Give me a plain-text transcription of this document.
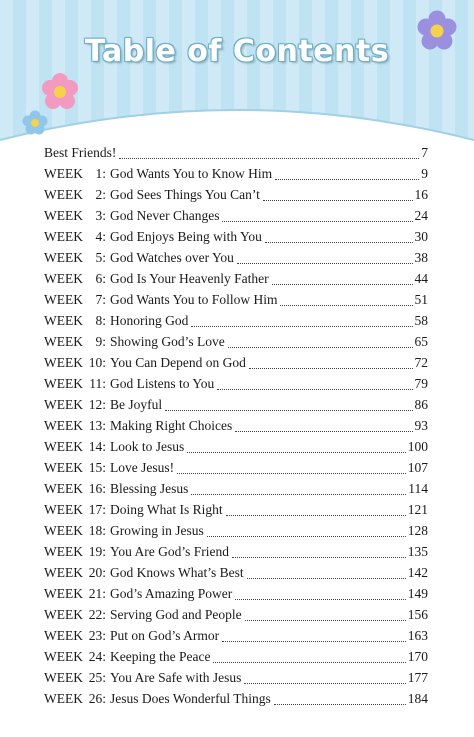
Table of Contents
Best Friends!	7
WEEK 1: God Wants You to Know Him	9
WEEK 2: God Sees Things You Can’t	16
WEEK 3: God Never Changes	24
WEEK 4: God Enjoys Being with You	30
WEEK 5: God Watches over You	38
WEEK 6: God Is Your Heavenly Father	44
WEEK 7: God Wants You to Follow Him	51
WEEK 8: Honoring God	58
WEEK 9: Showing God’s Love	65
WEEK 10: You Can Depend on God	72
WEEK 11: God Listens to You	79
WEEK 12: Be Joyful	86
WEEK 13: Making Right Choices	93
WEEK 14: Look to Jesus	100
WEEK 15: Love Jesus!	107
WEEK 16: Blessing Jesus	114
WEEK 17: Doing What Is Right	121
WEEK 18: Growing in Jesus	128
WEEK 19: You Are God’s Friend	135
WEEK 20: God Knows What’s Best	142
WEEK 21: God’s Amazing Power	149
WEEK 22: Serving God and People	156
WEEK 23: Put on God’s Armor	163
WEEK 24: Keeping the Peace	170
WEEK 25: You Are Safe with Jesus	177
WEEK 26: Jesus Does Wonderful Things	184
